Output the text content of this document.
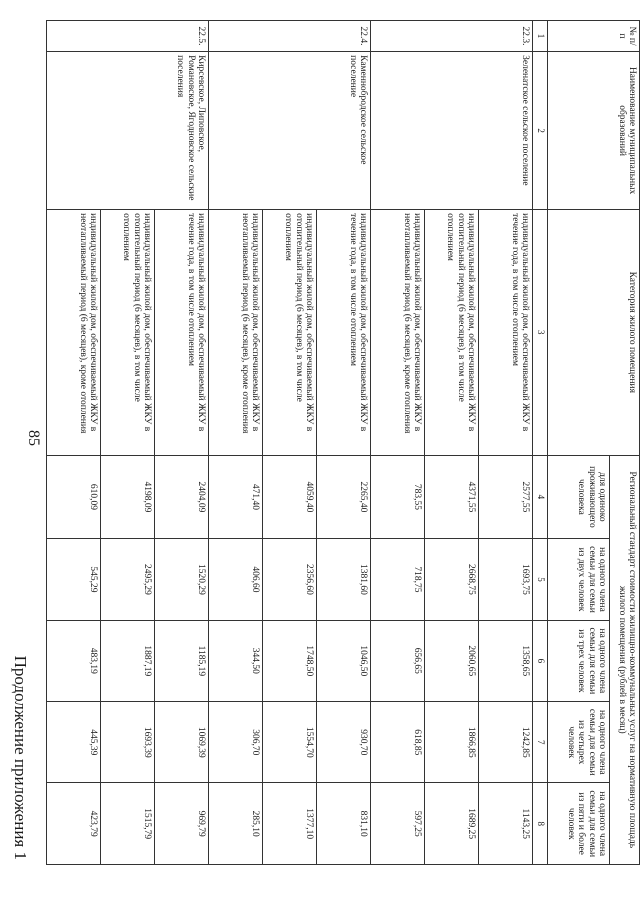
№ п/п	Наименование муниципальных образований	Категория жилого помещения	Региональный стандарт стоимости жилищно-коммунальных услуг на нормативную площадь жилого помещения (рублей в месяц)				
			для одиноко проживающего человека	на одного члена семьи для семьи из двух человек	на одного члена семьи для семьи из трех человек	на одного члена семьи для семьи из четырех человек	на одного члена семьи для семьи из пяти и более человек
1	2	3	4	5	6	7	8
22.3.	Зеленатское сельское поселение	индивидуальный жилой дом, обеспечиваемый ЖКУ в течение года, в том числе отоплением	2577,55	1693,75	1358,65	1242,85	1143,25
		индивидуальный жилой дом, обеспечиваемый ЖКУ в отопительный период (6 месяцев), в том числе отоплением	4371,55	2668,75	2060,65	1866,85	1689,25
		индивидуальный жилой дом, обеспечиваемый ЖКУ в неотапливаемый период (6 месяцев), кроме отопления	783,55	718,75	656,65	618,85	597,25
22.4.	Каменнобродское сельское поселение	индивидуальный жилой дом, обеспечиваемый ЖКУ в течение года, в том числе отоплением	2265,40	1381,60	1046,50	930,70	831,10
		индивидуальный жилой дом, обеспечиваемый ЖКУ в отопительный период (6 месяцев), в том числе отоплением	4059,40	2356,60	1748,50	1554,70	1377,10
		индивидуальный жилой дом, обеспечиваемый ЖКУ в неотапливаемый период (6 месяцев), кроме отопления	471,40	406,60	344,50	306,70	285,10
22.5.	Кирсевское, Липовское, Романовское, Ягодновское сельские поселения	индивидуальный жилой дом, обеспечиваемый ЖКУ в течение года, в том числе отоплением	2404,09	1520,29	1185,19	1069,39	969,79
		индивидуальный жилой дом, обеспечиваемый ЖКУ в отопительный период (6 месяцев), в том числе отоплением	4198,09	2495,29	1887,19	1693,39	1515,79
		индивидуальный жилой дом, обеспечиваемый ЖКУ в неотапливаемый период (6 месяцев), кроме отопления	610,09	545,29	483,19	445,39	423,79
85
Продолжение приложения 1
